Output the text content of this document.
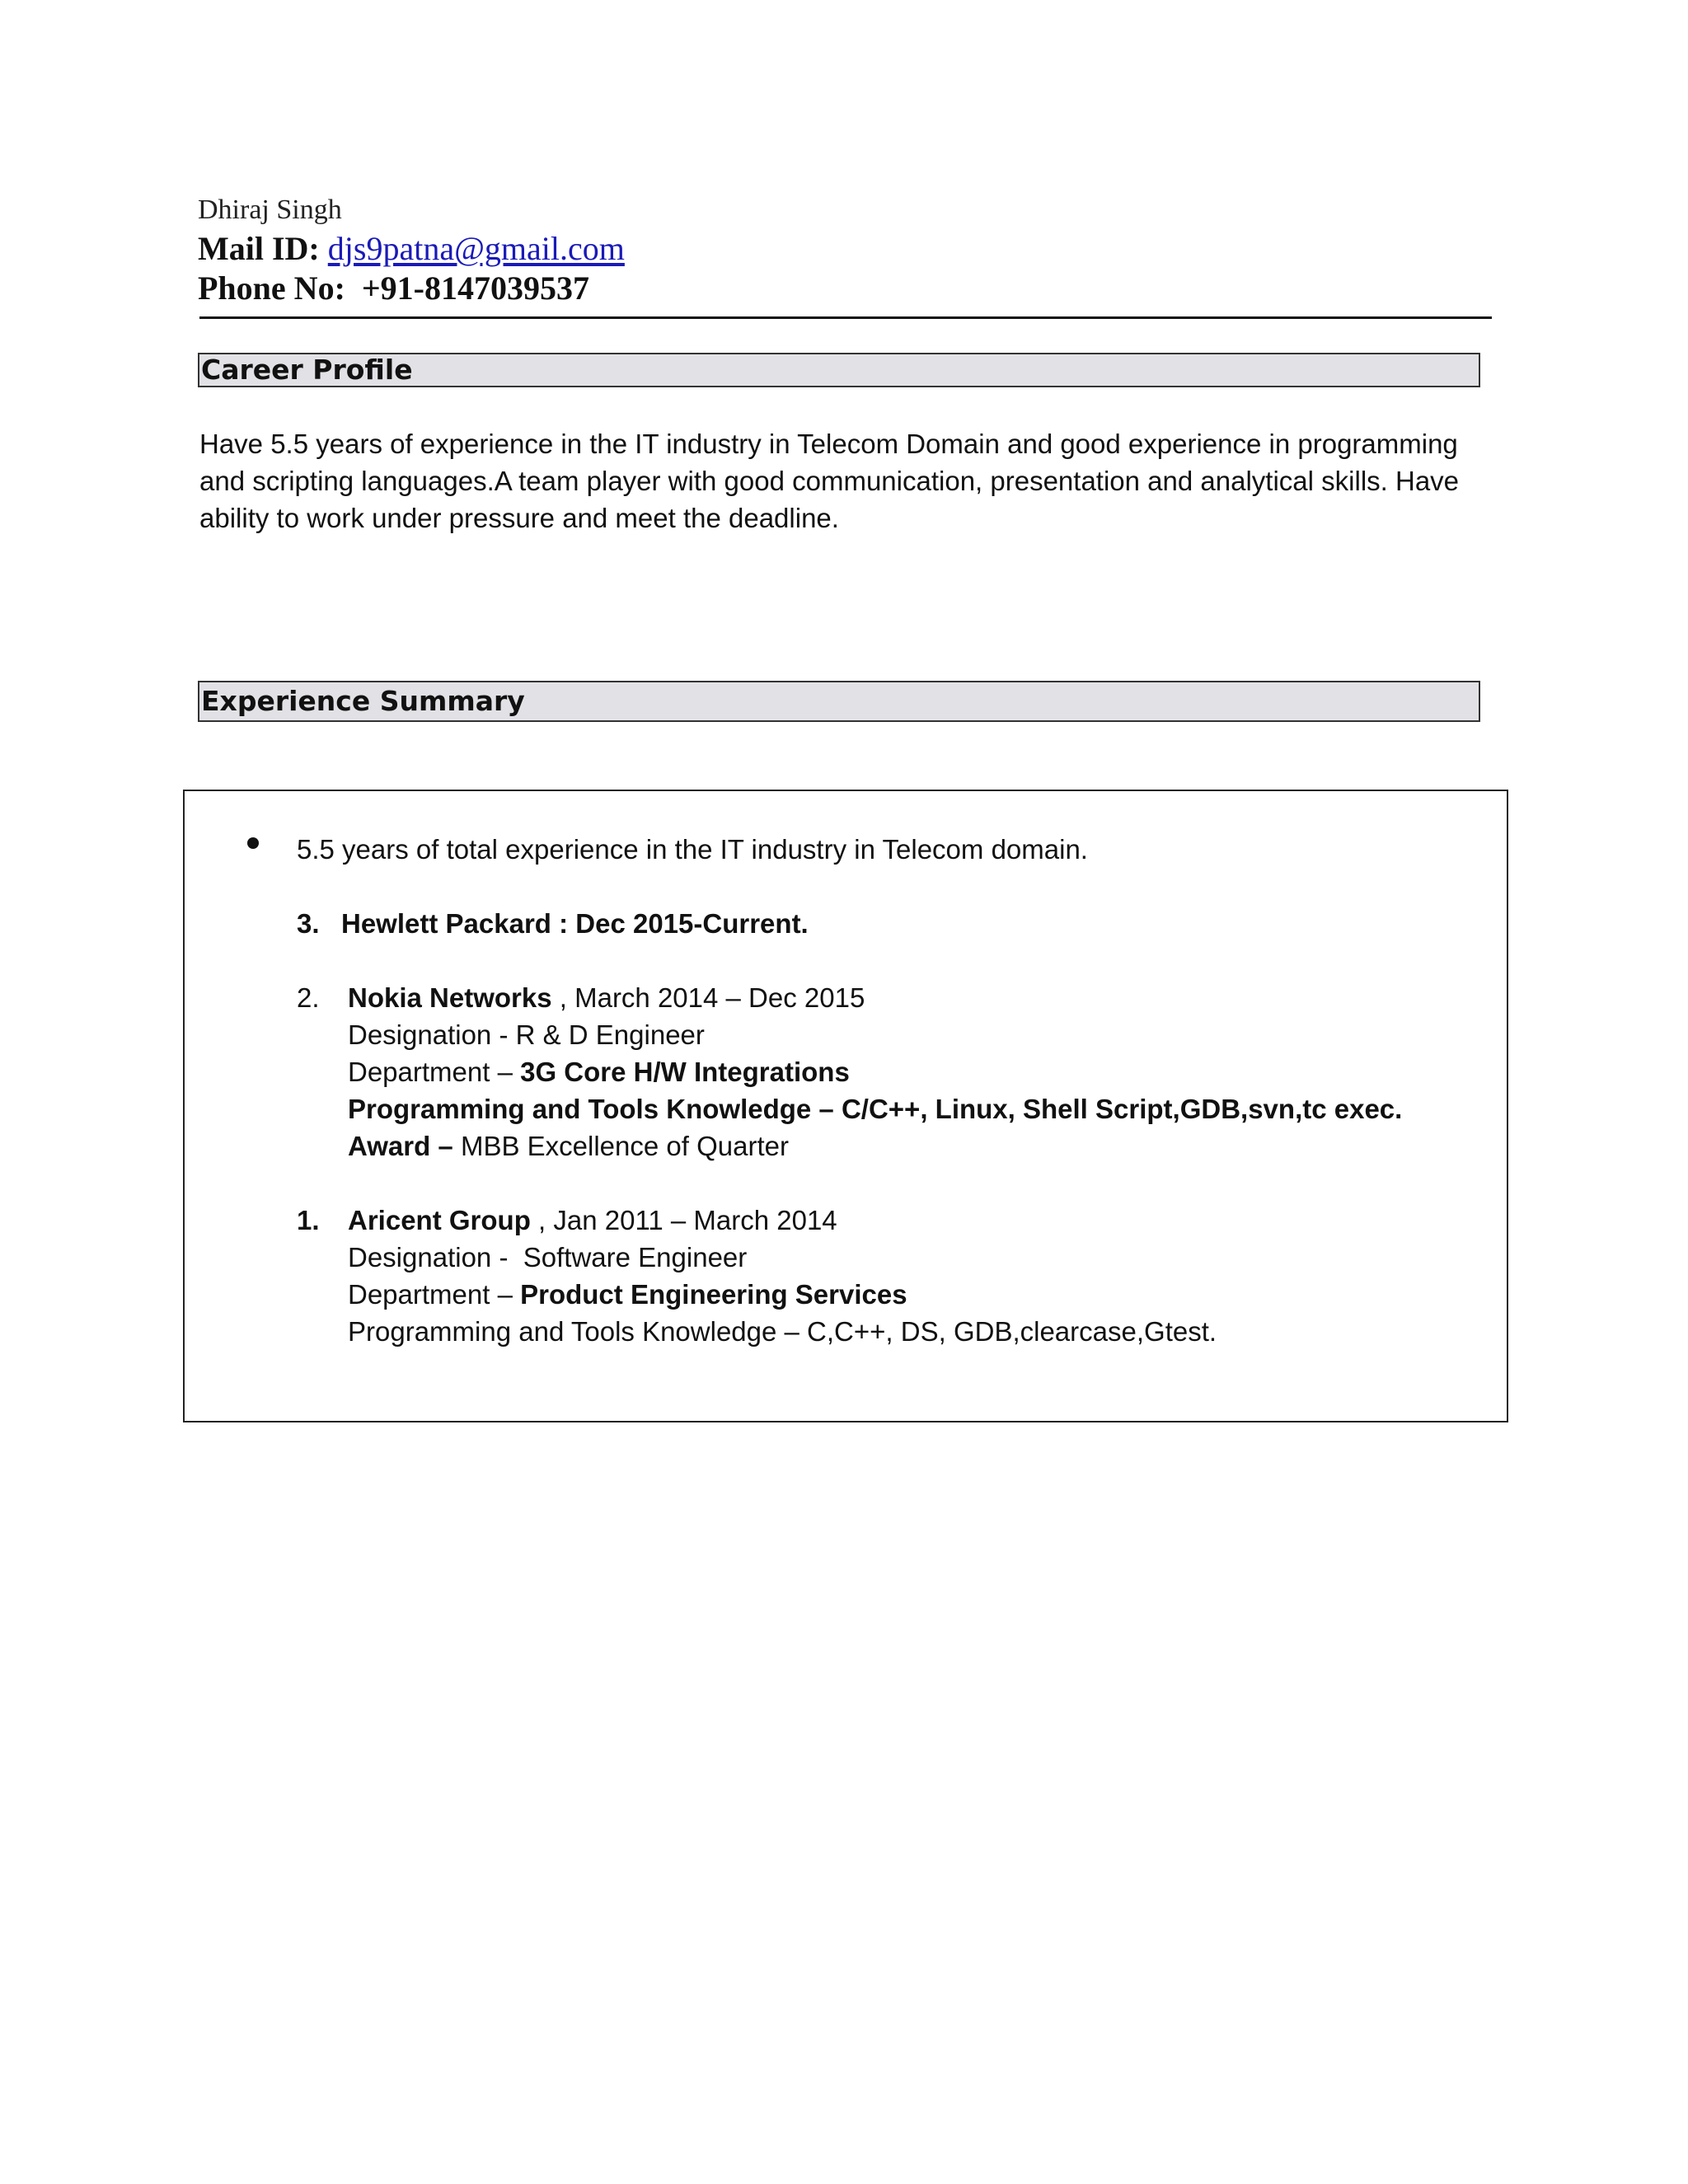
Dhiraj Singh
Mail ID: djs9patna@gmail.com
Phone No: +91-8147039537
Career Profile
Have 5.5 years of experience in the IT industry in Telecom Domain and good experience in programming and scripting languages.A team player with good communication, presentation and analytical skills. Have ability to work under pressure and meet the deadline.
Experience Summary
5.5 years of total experience in the IT industry in Telecom domain.
3. Hewlett Packard : Dec 2015-Current.
2. Nokia Networks , March 2014 – Dec 2015
Designation - R & D Engineer
Department – 3G Core H/W Integrations
Programming and Tools Knowledge – C/C++, Linux, Shell Script,GDB,svn,tc exec.
Award – MBB Excellence of Quarter
1. Aricent Group , Jan 2011 – March 2014
Designation -  Software Engineer
Department – Product Engineering Services
Programming and Tools Knowledge – C,C++, DS, GDB,clearcase,Gtest.
